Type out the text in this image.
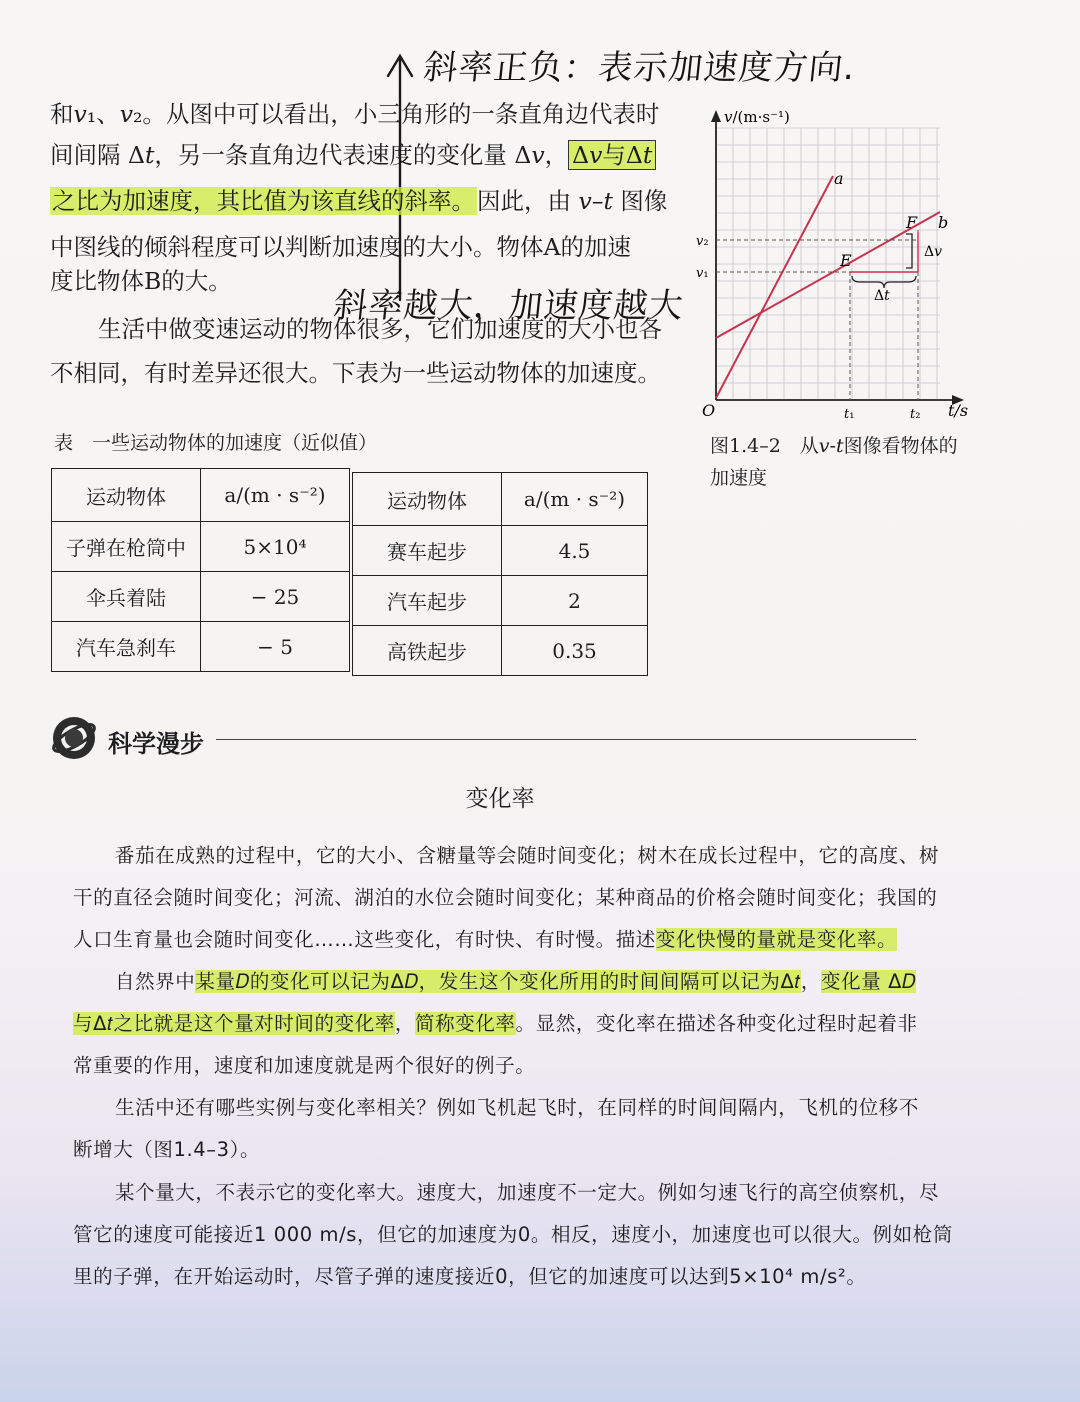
斜率正负：表示加速度方向.
斜率越大，加速度越大
和𝑣₁、𝑣₂。从图中可以看出，小三角形的一条直角边代表时
间间隔 Δ𝑡，另一条直角边代表速度的变化量 Δ𝑣， Δ𝑣与Δ𝑡
之比为加速度，其比值为该直线的斜率。因此，由 𝑣–𝑡 图像
中图线的倾斜程度可以判断加速度的大小。物体A的加速
度比物体B的大。
生活中做变速运动的物体很多，它们加速度的大小也各
不相同，有时差异还很大。下表为一些运动物体的加速度。
表　一些运动物体的加速度（近似值）
运动物体	a/(m · s⁻²)
子弹在枪筒中	5×10⁴
伞兵着陆	− 25
汽车急刹车	− 5
运动物体	a/(m · s⁻²)
赛车起步	4.5
汽车起步	2
高铁起步	0.35
𝑣/(m·s⁻¹)
𝑡/s
O
𝑣₂
𝑣₁
𝑡₁	𝑡₂
𝑎
𝑏
E
F
Δ𝑣
Δ𝑡
图1.4–2　从𝑣-𝑡图像看物体的加速度
科学漫步
变化率
番茄在成熟的过程中，它的大小、含糖量等会随时间变化；树木在成长过程中，它的高度、树
干的直径会随时间变化；河流、湖泊的水位会随时间变化；某种商品的价格会随时间变化；我国的
人口生育量也会随时间变化……这些变化，有时快、有时慢。描述变化快慢的量就是变化率。
自然界中某量𝐷的变化可以记为Δ𝐷，发生这个变化所用的时间间隔可以记为Δ𝑡，变化量 Δ𝐷
与Δ𝑡之比就是这个量对时间的变化率，简称变化率。显然，变化率在描述各种变化过程时起着非
常重要的作用，速度和加速度就是两个很好的例子。
生活中还有哪些实例与变化率相关？例如飞机起飞时，在同样的时间间隔内，飞机的位移不
断增大（图1.4–3）。
某个量大，不表示它的变化率大。速度大，加速度不一定大。例如匀速飞行的高空侦察机，尽
管它的速度可能接近1 000 m/s，但它的加速度为0。相反，速度小，加速度也可以很大。例如枪筒
里的子弹，在开始运动时，尽管子弹的速度接近0，但它的加速度可以达到5×10⁴ m/s²。
